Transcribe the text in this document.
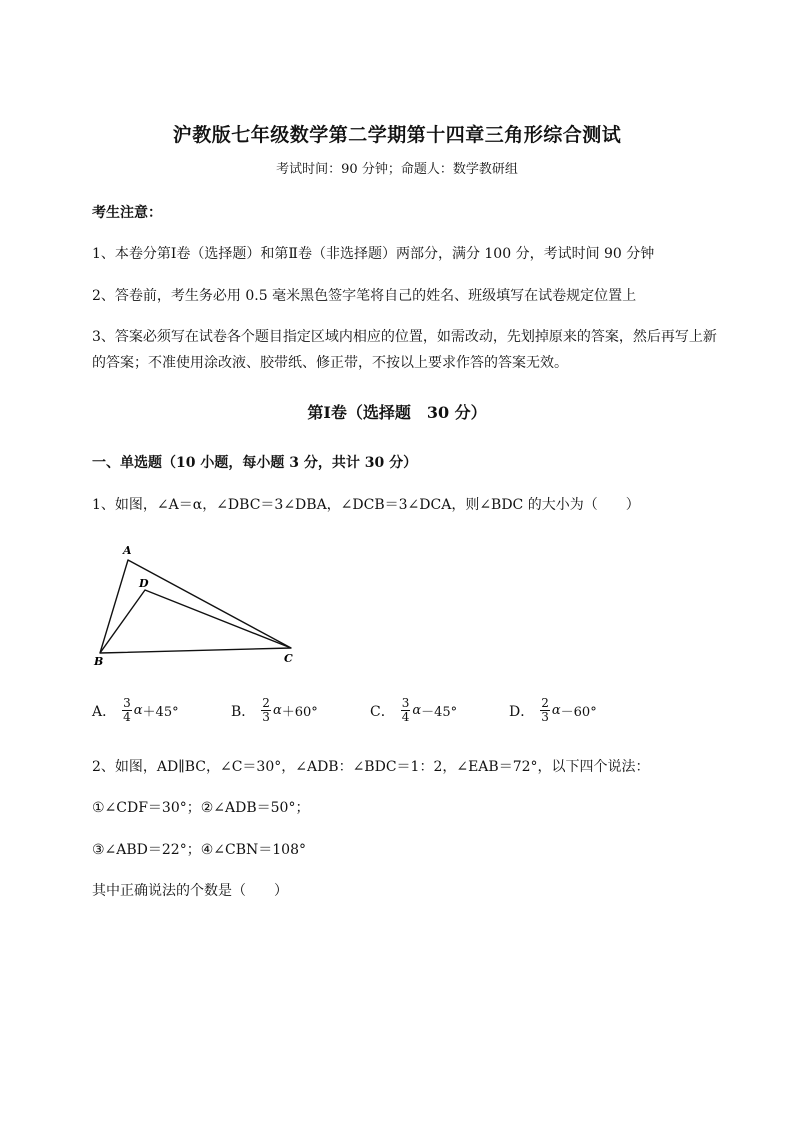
沪教版七年级数学第二学期第十四章三角形综合测试
考试时间：90 分钟；命题人：数学教研组
考生注意：
1、本卷分第Ⅰ卷（选择题）和第Ⅱ卷（非选择题）两部分，满分 100 分，考试时间 90 分钟
2、答卷前，考生务必用 0.5 毫米黑色签字笔将自己的姓名、班级填写在试卷规定位置上
3、答案必须写在试卷各个题目指定区域内相应的位置，如需改动，先划掉原来的答案，然后再写上新
的答案；不准使用涂改液、胶带纸、修正带，不按以上要求作答的答案无效。
第Ⅰ卷（选择题　30 分）
一、单选题（10 小题，每小题 3 分，共计 30 分）
1、如图，∠A＝α，∠DBC＝3∠DBA，∠DCB＝3∠DCA，则∠BDC 的大小为（　　）
A
D
B	C
A． $\frac{3}{4}$ α ＋45°	B． $\frac{2}{3}$ α ＋60°	C． $\frac{3}{4}$ α －45°	D． $\frac{2}{3}$ α －60°
2、如图，AD∥BC，∠C＝30°，∠ADB：∠BDC＝1：2，∠EAB＝72°，以下四个说法：
①∠CDF＝30°；②∠ADB＝50°；
③∠ABD＝22°；④∠CBN＝108°
其中正确说法的个数是（　　）
